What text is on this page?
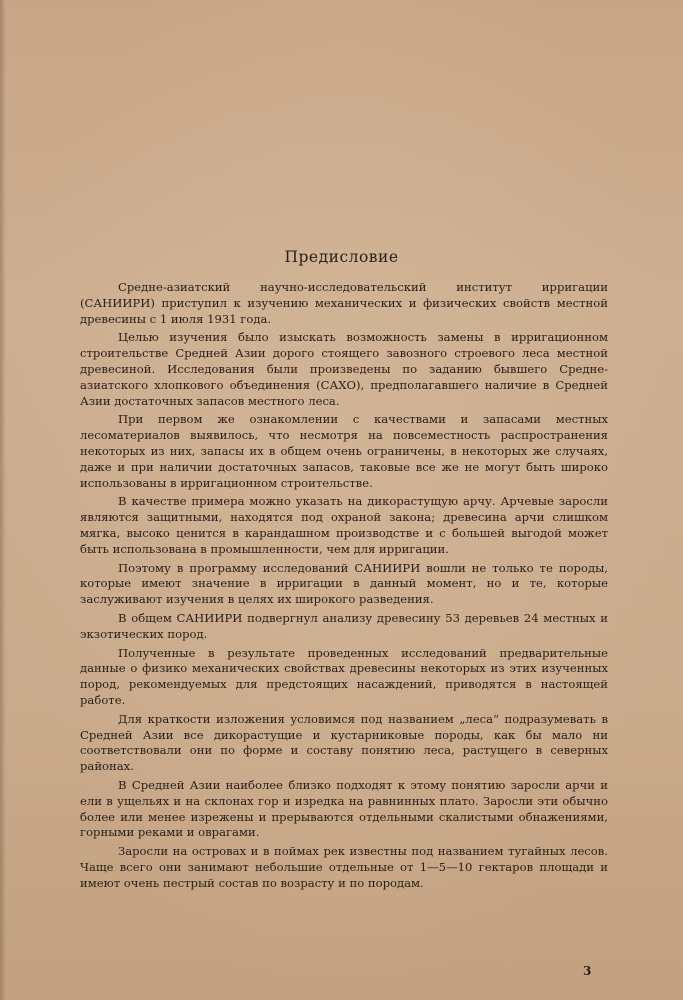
Предисловие

Средне-азиатский научно-исследовательский институт ирригации (САНИИРИ) приступил к изучению механических и физических свойств местной древесины с 1 июля 1931 года.

Целью изучения было изыскать возможность замены в ирригационном строительстве Средней Азии дорого стоящего завозного строевого леса местной древесиной. Исследования были произведены по заданию бывшего Средне-азиатского хлопкового объединения (САХО), предполагавшего наличие в Средней Азии достаточных запасов местного леса.

При первом же ознакомлении с качествами и запасами местных лесоматериалов выявилось, что несмотря на повсеместность распространения некоторых из них, запасы их в общем очень ограничены, в некоторых же случаях, даже и при наличии достаточных запасов, таковые все же не могут быть широко использованы в ирригационном строительстве.

В качестве примера можно указать на дикорастущую арчу. Арчевые заросли являются защитными, находятся под охраной закона; древесина арчи слишком мягка, высоко ценится в карандашном производстве и с большей выгодой может быть использована в промышленности, чем для ирригации.

Поэтому в программу исследований САНИИРИ вошли не только те породы, которые имеют значение в ирригации в данный момент, но и те, которые заслуживают изучения в целях их широкого разведения.

В общем САНИИРИ подвергнул анализу древесину 53 деревьев 24 местных и экзотических пород.

Полученные в результате проведенных исследований предварительные данные о физико механических свойствах древесины некоторых из этих изученных пород, рекомендуемых для предстоящих насаждений, приводятся в настоящей работе.

Для краткости изложения условимся под названием „леса“ подразумевать в Средней Азии все дикорастущие и кустарниковые породы, как бы мало ни соответствовали они по форме и составу понятию леса, растущего в северных районах.

В Средней Азии наиболее близко подходят к этому понятию заросли арчи и ели в ущельях и на склонах гор и изредка на равнинных плато. Заросли эти обычно более или менее изрежены и прерываются отдельными скалистыми обнажениями, горными реками и оврагами.

Заросли на островах и в поймах рек известны под названием тугайных лесов. Чаще всего они занимают небольшие отдельные от 1—5—10 гектаров площади и имеют очень пестрый состав по возрасту и по породам.

3
